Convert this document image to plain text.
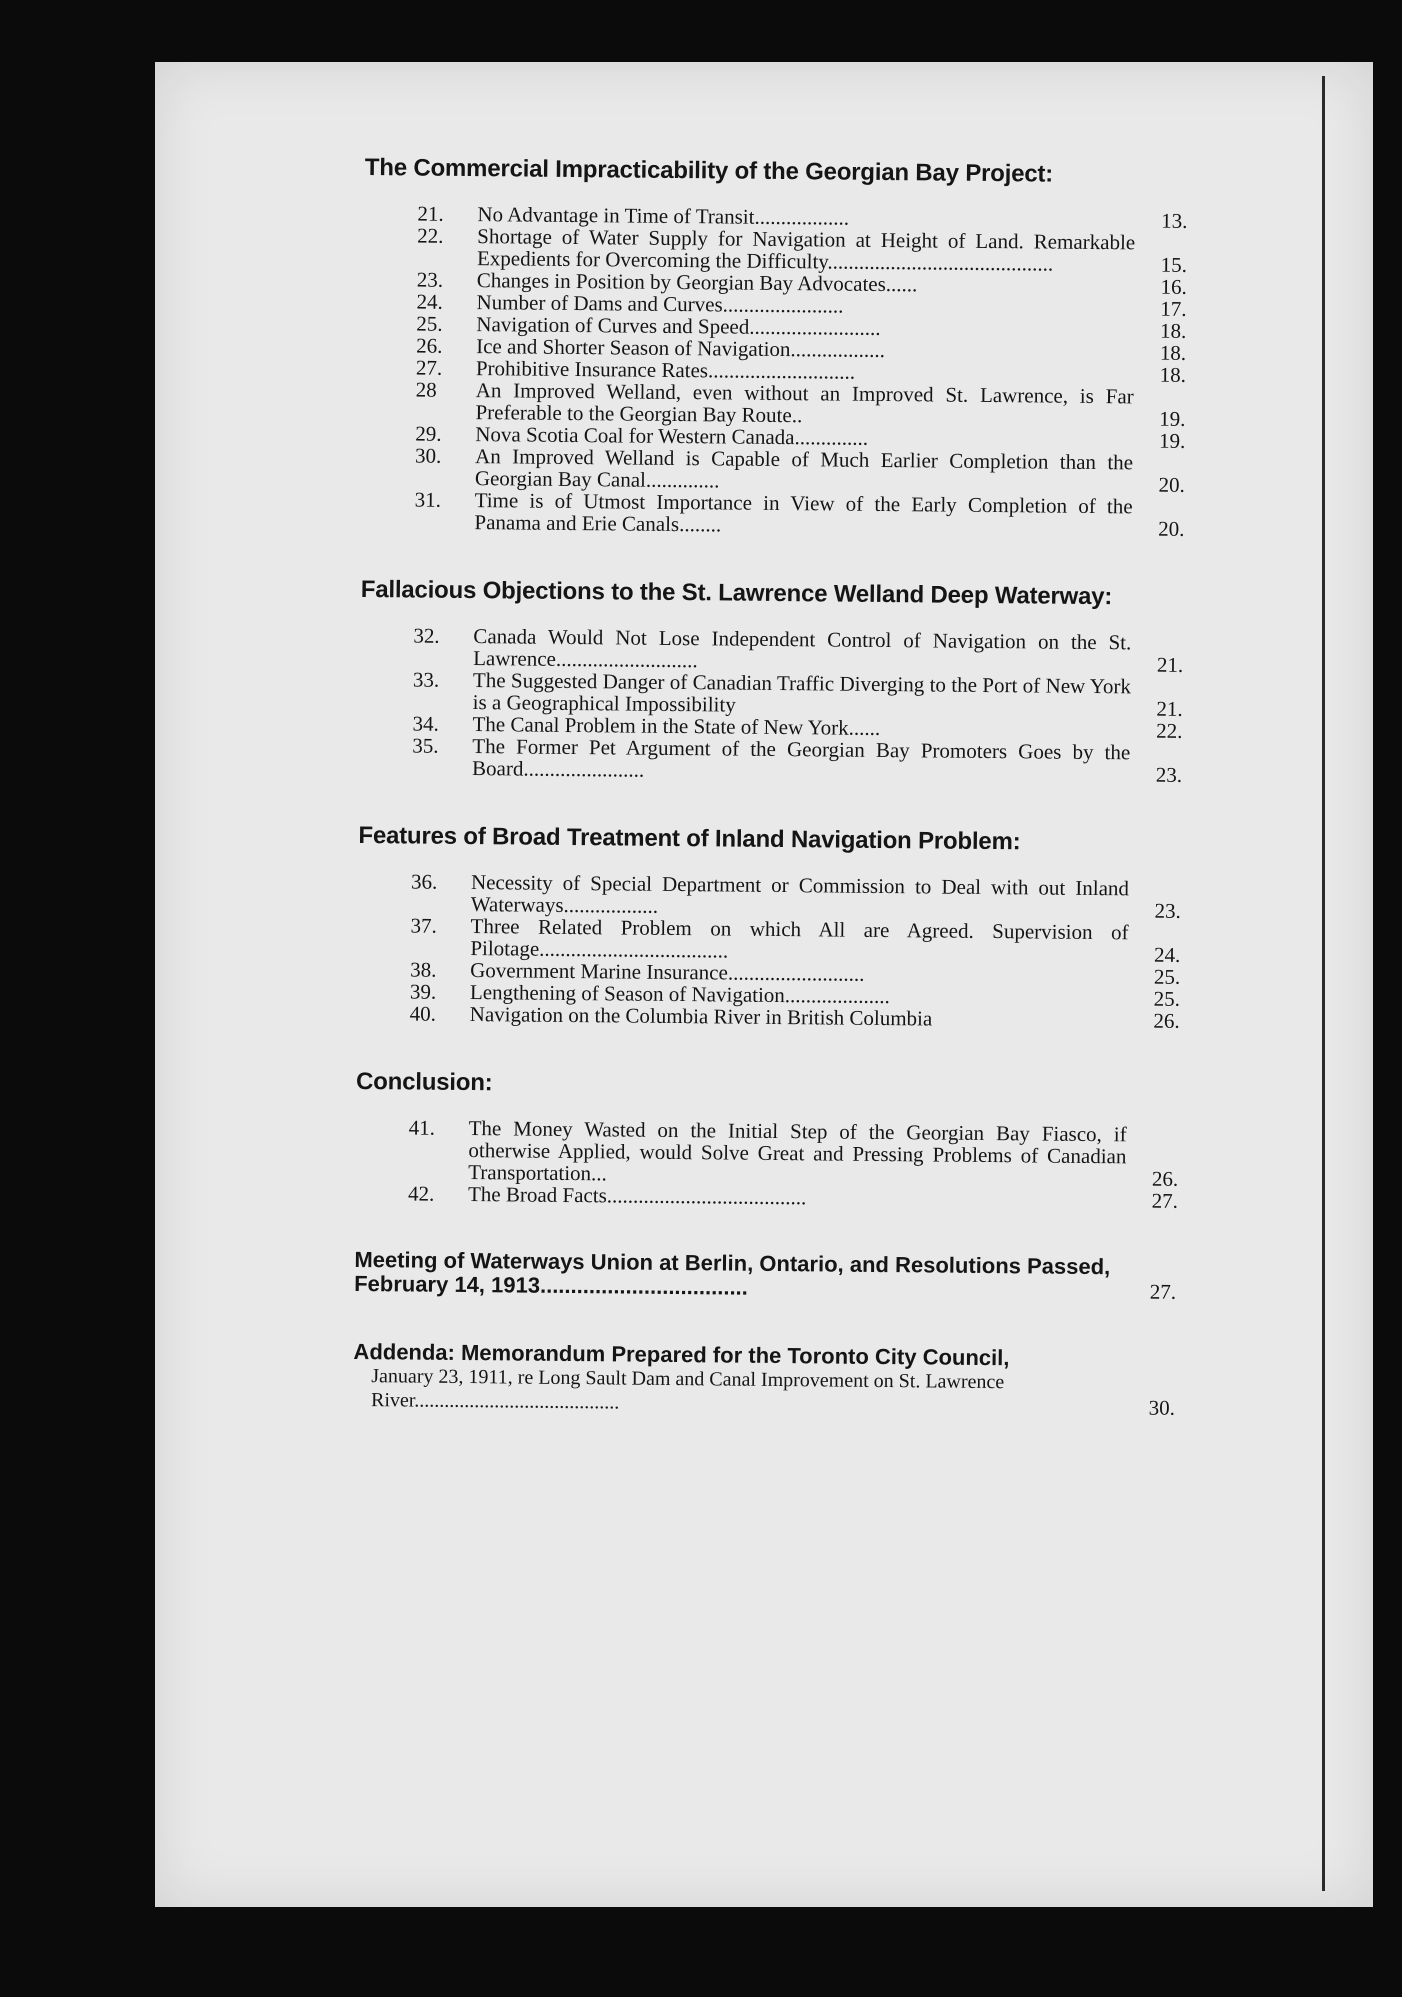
The Commercial Impracticability of the Georgian Bay Project:
21.	No Advantage in Time of Transit..................	13.
22.	Shortage of Water Supply for Navigation at Height of Land. Remarkable Expedients for Overcoming the Difficulty...........................................	15.
23.	Changes in Position by Georgian Bay Advocates......	16.
24.	Number of Dams and Curves.......................	17.
25.	Navigation of Curves and Speed.........................	18.
26.	Ice and Shorter Season of Navigation..................	18.
27.	Prohibitive Insurance Rates............................	18.
28	An Improved Welland, even without an Improved St. Lawrence, is Far Preferable to the Georgian Bay Route..	19.
29.	Nova Scotia Coal for Western Canada..............	19.
30.	An Improved Welland is Capable of Much Earlier Completion than the Georgian Bay Canal..............	20.
31.	Time is of Utmost Importance in View of the Early Completion of the Panama and Erie Canals........	20.
Fallacious Objections to the St. Lawrence Welland Deep Waterway:
32.	Canada Would Not Lose Independent Control of Navigation on the St. Lawrence...........................	21.
33.	The Suggested Danger of Canadian Traffic Diverging to the Port of New York is a Geographical Impossibility	21.
34.	The Canal Problem in the State of New York......	22.
35.	The Former Pet Argument of the Georgian Bay Promoters Goes by the Board.......................	23.
Features of Broad Treatment of Inland Navigation Problem:
36.	Necessity of Special Department or Commission to Deal with out Inland Waterways..................	23.
37.	Three Related Problem on which All are Agreed. Supervision of Pilotage....................................	24.
38.	Government Marine Insurance..........................	25.
39.	Lengthening of Season of Navigation....................	25.
40.	Navigation on the Columbia River in British Columbia	26.
Conclusion:
41.	The Money Wasted on the Initial Step of the Georgian Bay Fiasco, if otherwise Applied, would Solve Great and Pressing Problems of Canadian Transportation...	26.
42.	The Broad Facts......................................	27.
Meeting of Waterways Union at Berlin, Ontario, and Resolutions Passed, February 14, 1913..................................	27.
Addenda: Memorandum Prepared for the Toronto City Council,
January 23, 1911, re Long Sault Dam and Canal Improvement on St. Lawrence River.........................................	30.
